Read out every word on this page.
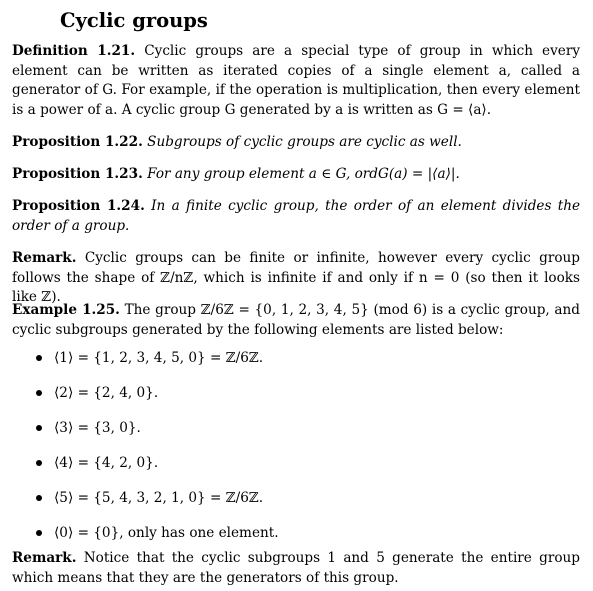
Cyclic groups

Definition 1.21. Cyclic groups are a special type of group in which every element can be written as iterated copies of a single element a, called a generator of G. For example, if the operation is multiplication, then every element is a power of a. A cyclic group G generated by a is written as G = ⟨a⟩.

Proposition 1.22. Subgroups of cyclic groups are cyclic as well.

Proposition 1.23. For any group element a ∈ G, ord𝐺(a) = |⟨a⟩|.

Proposition 1.24. In a finite cyclic group, the order of an element divides the order of a group.

Remark. Cyclic groups can be finite or infinite, however every cyclic group follows the shape of ℤ/nℤ, which is infinite if and only if n = 0 (so then it looks like ℤ).

Example 1.25. The group ℤ/6ℤ = {0, 1, 2, 3, 4, 5} (mod 6) is a cyclic group, and cyclic subgroups generated by the following elements are listed below:

⟨1⟩ = {1, 2, 3, 4, 5, 0} = ℤ/6ℤ.
⟨2⟩ = {2, 4, 0}.
⟨3⟩ = {3, 0}.
⟨4⟩ = {4, 2, 0}.
⟨5⟩ = {5, 4, 3, 2, 1, 0} = ℤ/6ℤ.
⟨0⟩ = {0}, only has one element.

Remark. Notice that the cyclic subgroups 1 and 5 generate the entire group which means that they are the generators of this group.
